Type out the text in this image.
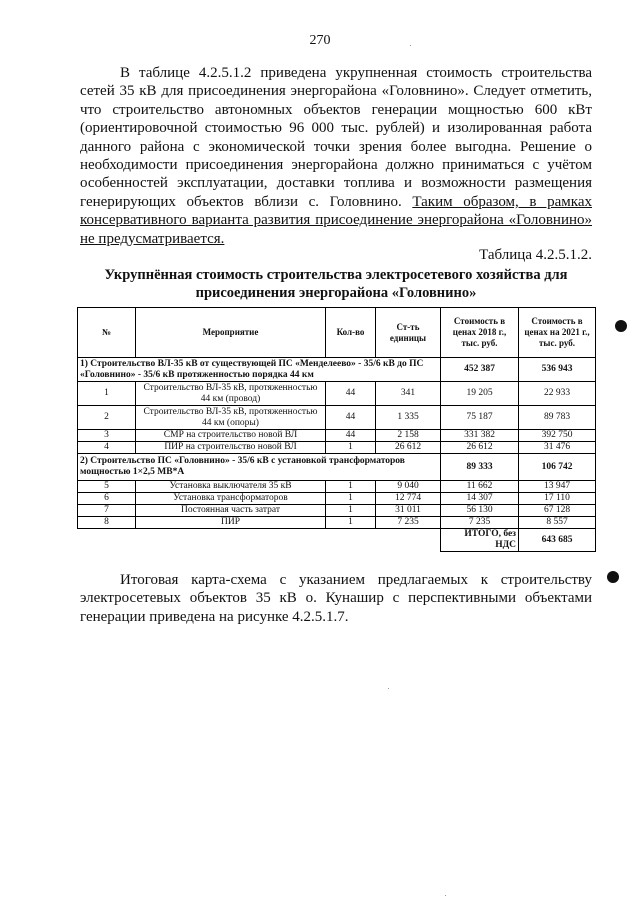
270

В таблице 4.2.5.1.2 приведена укрупненная стоимость строительства сетей 35 кВ для присоединения энергорайона «Головнино». Следует отметить, что строительство автономных объектов генерации мощностью 600 кВт (ориентировочной стоимостью 96 000 тыс. рублей) и изолированная работа данного района с экономической точки зрения более выгодна. Решение о необходимости присоединения энергорайона должно приниматься с учётом особенностей эксплуатации, доставки топлива и возможности размещения генерирующих объектов вблизи с. Головнино. Таким образом, в рамках консервативного варианта развития присоединение энергорайона «Головнино» не предусматривается.

Таблица 4.2.5.1.2.
Укрупнённая стоимость строительства электросетевого хозяйства для присоединения энергорайона «Головнино»
№	Мероприятие	Кол-во	Ст-ть единицы	Стоимость в ценах 2018 г., тыс. руб.	Стоимость в ценах на 2021 г., тыс. руб.
1) Строительство ВЛ-35 кВ от существующей ПС «Менделеево» - 35/6 кВ до ПС «Головнино» - 35/6 кВ протяженностью порядка 44 км				452 387	536 943
1	Строительство ВЛ-35 кВ, протяженностью 44 км (провод)	44	341	19 205	22 933
2	Строительство ВЛ-35 кВ, протяженностью 44 км (опоры)	44	1 335	75 187	89 783
3	СМР на строительство новой ВЛ	44	2 158	331 382	392 750
4	ПИР на строительство новой ВЛ	1	26 612	26 612	31 476
2) Строительство ПС «Головнино» - 35/6 кВ с установкой трансформаторов мощностью 1×2,5 МВ*А				89 333	106 742
5	Установка выключателя 35 кВ	1	9 040	11 662	13 947
6	Установка трансформаторов	1	12 774	14 307	17 110
7	Постоянная часть затрат	1	31 011	56 130	67 128
8	ПИР	1	7 235	7 235	8 557
				ИТОГО, без НДС	643 685

Итоговая карта-схема с указанием предлагаемых к строительству электросетевых объектов 35 кВ о. Кунашир с перспективными объектами генерации приведена на рисунке 4.2.5.1.7.
